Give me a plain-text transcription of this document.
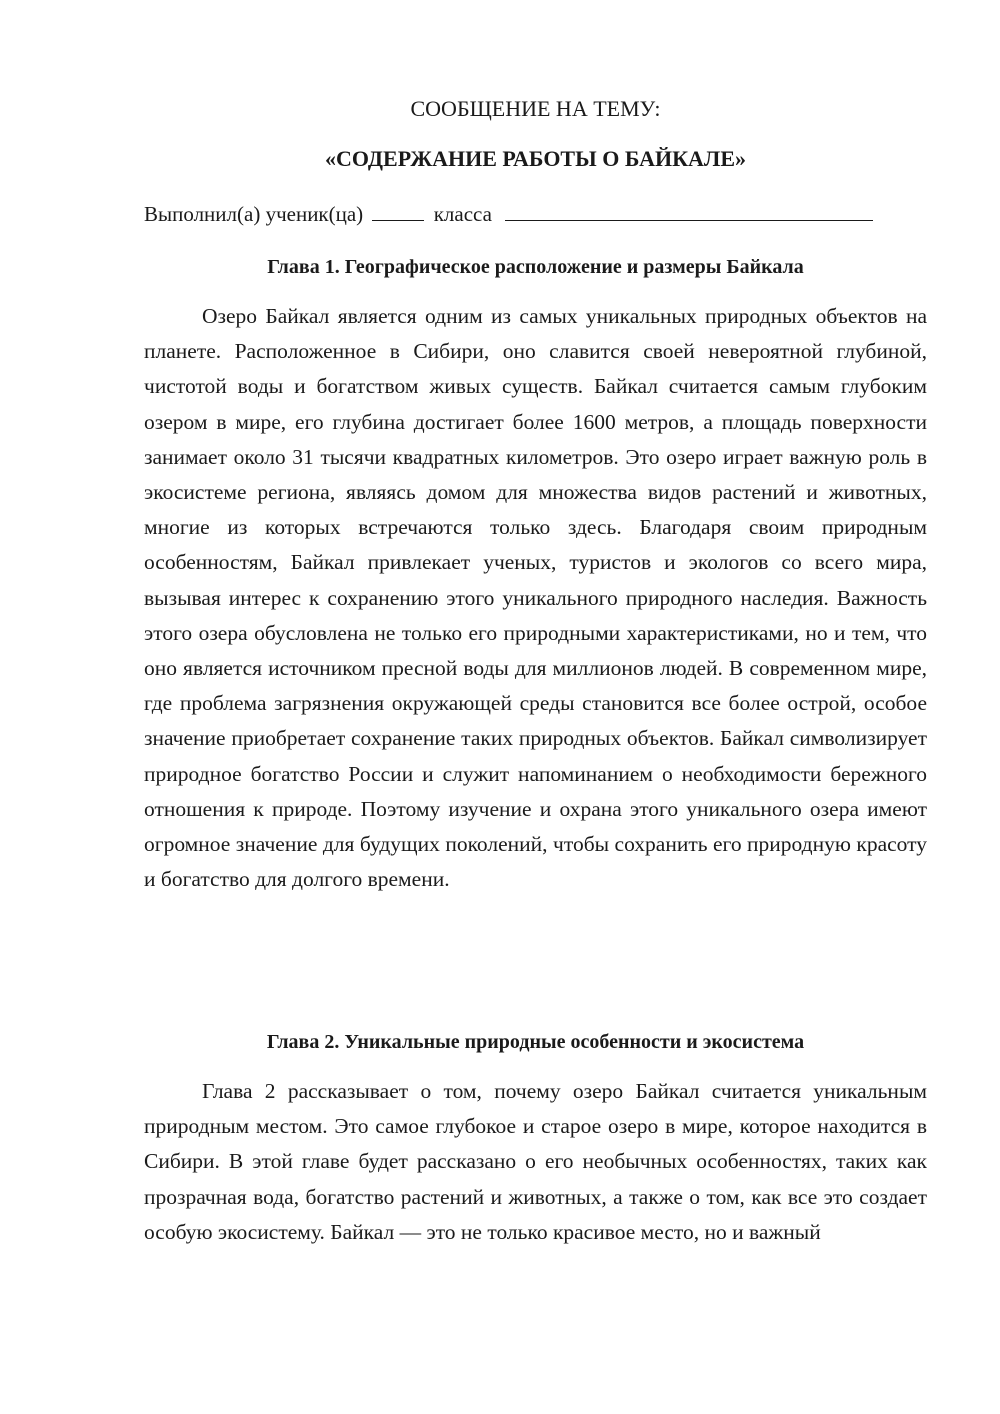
СООБЩЕНИЕ НА ТЕМУ:
«СОДЕРЖАНИЕ РАБОТЫ О БАЙКАЛЕ»
Выполнил(а) ученик(ца)	класса
Глава 1. Географическое расположение и размеры Байкала

Озеро Байкал является одним из самых уникальных природных объектов на планете. Расположенное в Сибири, оно славится своей невероятной глубиной, чистотой воды и богатством живых существ. Байкал считается самым глубоким озером в мире, его глубина достигает более 1600 метров, а площадь поверхности занимает около 31 тысячи квадратных километров. Это озеро играет важную роль в экосистеме региона, являясь домом для множества видов растений и животных, многие из которых встречаются только здесь. Благодаря своим природным особенностям, Байкал привлекает ученых, туристов и экологов со всего мира, вызывая интерес к сохранению этого уникального природного наследия. Важность этого озера обусловлена не только его природными характеристиками, но и тем, что оно является источником пресной воды для миллионов людей. В современном мире, где проблема загрязнения окружающей среды становится все более острой, особое значение приобретает сохранение таких природных объектов. Байкал символизирует природное богатство России и служит напоминанием о необходимости бережного отношения к природе. Поэтому изучение и охрана этого уникального озера имеют огромное значение для будущих поколений, чтобы сохранить его природную красоту и богатство для долгого времени.

Глава 2. Уникальные природные особенности и экосистема

Глава 2 рассказывает о том, почему озеро Байкал считается уникальным природным местом. Это самое глубокое и старое озеро в мире, которое находится в Сибири. В этой главе будет рассказано о его необычных особенностях, таких как прозрачная вода, богатство растений и животных, а также о том, как все это создает особую экосистему. Байкал — это не только красивое место, но и важный
